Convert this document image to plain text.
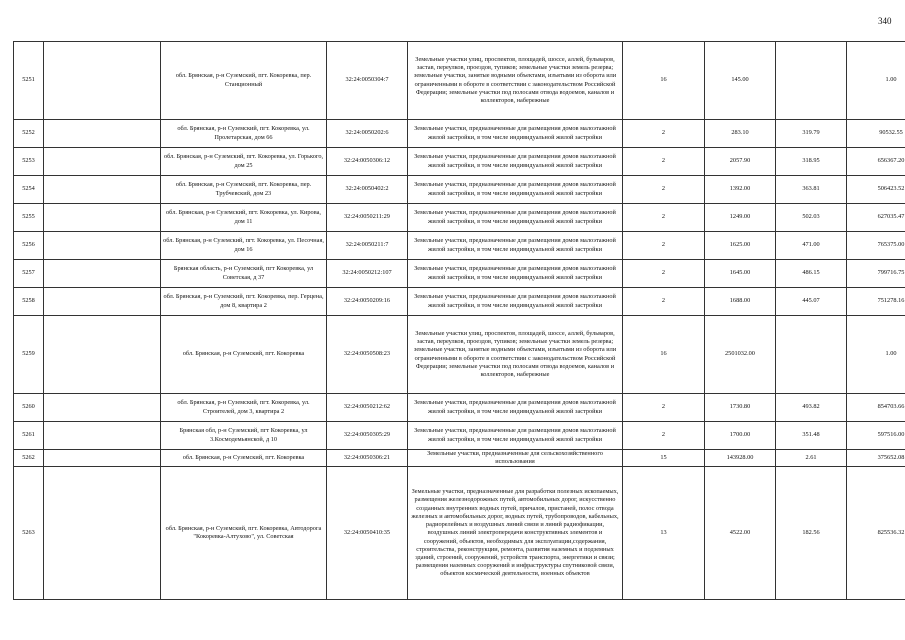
340
5251		обл. Брянская, р-н Суземский, пгт. Кокоревка, пер. Станционный	32:24:0050304:7	Земельные участки улиц, проспектов, площадей, шоссе, аллей, бульваров, застав, переулков, проездов, тупиков; земельные участки земель резерва; земельные участки, занятые водными объектами, изъятыми из оборота или ограниченными в обороте в соответствии с законодательством Российской Федерации; земельные участки под полосами отвода водоемов, каналов и коллекторов, набережные	16	145.00		1.00
5252		обл. Брянская, р-н Суземский, пгт. Кокоревка, ул. Пролетарская, дом 66	32:24:0050202:6	Земельные участки, предназначенные для размещения домов малоэтажной жилой застройки, в том числе индивидуальной жилой застройки	2	283.10	319.79	90532.55
5253		обл. Брянская, р-н Суземский, пгт. Кокоревка, ул. Горького, дом 25	32:24:0050306:12	Земельные участки, предназначенные для размещения домов малоэтажной жилой застройки, в том числе индивидуальной жилой застройки	2	2057.90	318.95	656367.20
5254		обл. Брянская, р-н Суземский, пгт. Кокоревка, пер. Трубчевский, дом 23	32:24:0050402:2	Земельные участки, предназначенные для размещения домов малоэтажной жилой застройки, в том числе индивидуальной жилой застройки	2	1392.00	363.81	506423.52
5255		обл. Брянская, р-н Суземский, пгт. Кокоревка, ул. Кирова, дом 11	32:24:0050211:29	Земельные участки, предназначенные для размещения домов малоэтажной жилой застройки, в том числе индивидуальной жилой застройки	2	1249.00	502.03	627035.47
5256		обл. Брянская, р-н Суземский, пгт. Кокоревка, ул. Песочная, дом 16	32:24:0050211:7	Земельные участки, предназначенные для размещения домов малоэтажной жилой застройки, в том числе индивидуальной жилой застройки	2	1625.00	471.00	765375.00
5257		Брянская область, р-н Суземский, пгт Кокоревка, ул Советская, д 37	32:24:0050212:107	Земельные участки, предназначенные для размещения домов малоэтажной жилой застройки, в том числе индивидуальной жилой застройки	2	1645.00	486.15	799716.75
5258		обл. Брянская, р-н Суземский, пгт. Кокоревка, пер. Герцена, дом 8, квартира 2	32:24:0050209:16	Земельные участки, предназначенные для размещения домов малоэтажной жилой застройки, в том числе индивидуальной жилой застройки	2	1688.00	445.07	751278.16
5259		обл. Брянская, р-н Суземский, пгт. Кокоревка	32:24:0050508:23	Земельные участки улиц, проспектов, площадей, шоссе, аллей, бульваров, застав, переулков, проездов, тупиков; земельные участки земель резерва; земельные участки, занятые водными объектами, изъятыми из оборота или ограниченными в обороте в соответствии с законодательством Российской Федерации; земельные участки под полосами отвода водоемов, каналов и коллекторов, набережные	16	2501032.00		1.00
5260		обл. Брянская, р-н Суземский, пгт. Кокоревка, ул. Строителей, дом 3, квартира 2	32:24:0050212:62	Земельные участки, предназначенные для размещения домов малоэтажной жилой застройки, в том числе индивидуальной жилой застройки	2	1730.80	493.82	854703.66
5261		Брянская обл, р-н Суземский, пгт Кокоревка, ул 3.Космодемьянской, д 10	32:24:0050305:29	Земельные участки, предназначенные для размещения домов малоэтажной жилой застройки, в том числе индивидуальной жилой застройки	2	1700.00	351.48	597516.00
5262		обл. Брянская, р-н Суземский, пгт. Кокоревка	32:24:0050306:21	Земельные участки, предназначенные для сельскохозяйственного использования	15	143928.00	2.61	375652.08
5263		обл. Брянская, р-н Суземский, пгт. Кокоревка, Автодорога "Кокоревка-Алтухово", ул. Советская	32:24:0050410:35	Земельные участки, предназначенные для разработки полезных ископаемых, размещения железнодорожных путей, автомобильных дорог, искусственно созданных внутренних водных путей, причалов, пристаней, полос отвода железных и автомобильных дорог, водных путей, трубопроводов, кабельных, радиорелейных и воздушных линий связи и линий радиофикации, воздушных линий электропередачи конструктивных элементов и сооружений, объектов, необходимых для эксплуатации,содержания, строительства, реконструкции, ремонта, развития наземных и подземных зданий, строений, сооружений, устройств транспорта, энергетики и связи; размещения наземных сооружений и инфраструктуры спутниковой связи, объектов космической деятельности, военных объектов	13	4522.00	182.56	825536.32
